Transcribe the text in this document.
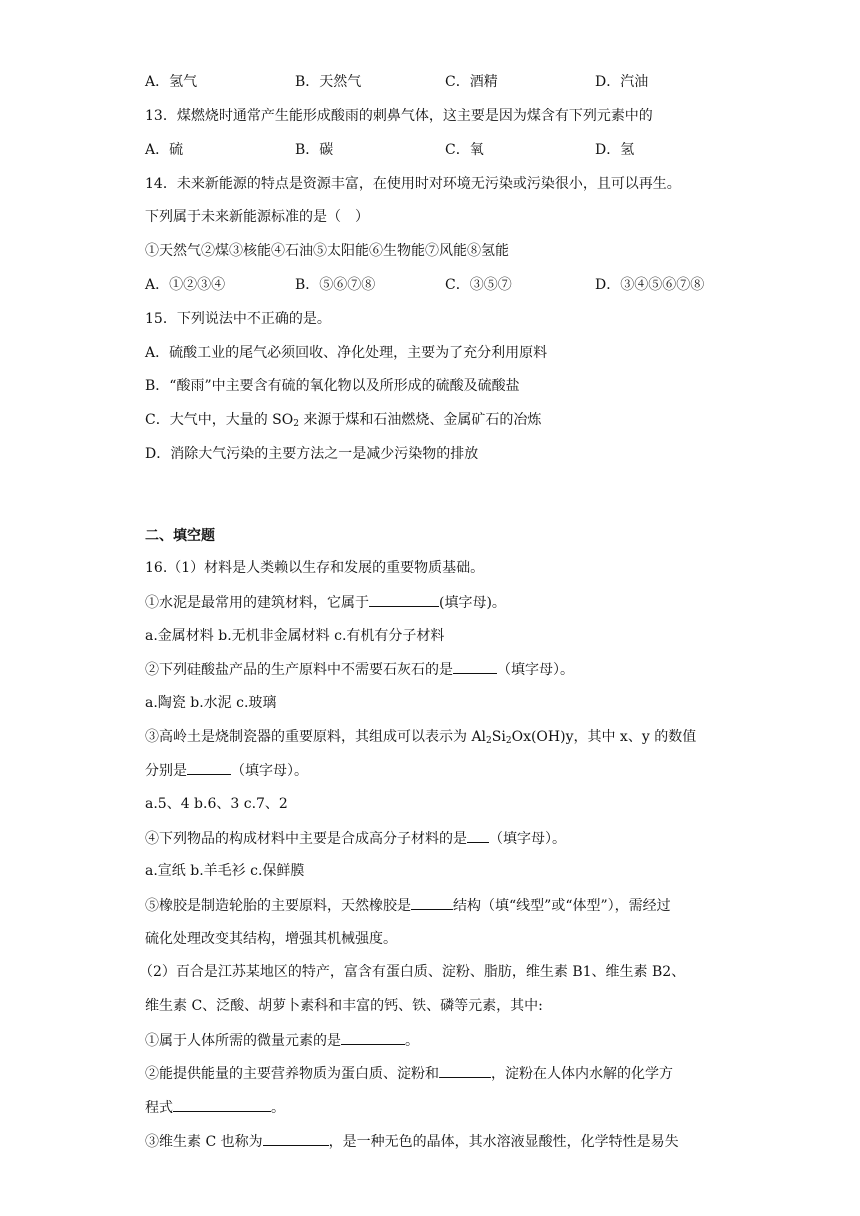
A．氢气	B．天然气	C．酒精	D．汽油
13．煤燃烧时通常产生能形成酸雨的刺鼻气体，这主要是因为煤含有下列元素中的
A．硫	B．碳	C．氧	D．氢
14．未来新能源的特点是资源丰富，在使用时对环境无污染或污染很小，且可以再生。
下列属于未来新能源标准的是（　）
①天然气②煤③核能④石油⑤太阳能⑥生物能⑦风能⑧氢能
A．①②③④	B．⑤⑥⑦⑧	C．③⑤⑦	D．③④⑤⑥⑦⑧
15．下列说法中不正确的是。
A．硫酸工业的尾气必须回收、净化处理，主要为了充分利用原料
B．“酸雨”中主要含有硫的氧化物以及所形成的硫酸及硫酸盐
C．大气中，大量的 $SO_2$ 来源于煤和石油燃烧、金属矿石的冶炼
D．消除大气污染的主要方法之一是减少污染物的排放
二、填空题
16.（1）材料是人类赖以生存和发展的重要物质基础。
①水泥是最常用的建筑材料，它属于	(填字母)。
a.金属材料 b.无机非金属材料 c.有机有分子材料
②下列硅酸盐产品的生产原料中不需要石灰石的是	（填字母）。
a.陶瓷 b.水泥 c.玻璃
③高岭土是烧制瓷器的重要原料，其组成可以表示为 $Al_2Si_2Ox(OH)y$，其中 x、y 的数值
分别是	（填字母）。
a.5、4 b.6、3 c.7、2
④下列物品的构成材料中主要是合成高分子材料的是 （填字母）。
a.宣纸 b.羊毛衫 c.保鲜膜
⑤橡胶是制造轮胎的主要原料，天然橡胶是	结构（填“线型”或“体型”），需经过
硫化处理改变其结构，增强其机械强度。
（2）百合是江苏某地区的特产，富含有蛋白质、淀粉、脂肪，维生素 B1、维生素 B2、
维生素 C、泛酸、胡萝卜素科和丰富的钙、铁、磷等元素，其中:
①属于人体所需的微量元素的是	。
②能提供能量的主要营养物质为蛋白质、淀粉和	，淀粉在人体内水解的化学方
程式	。
③维生素 C 也称为	，是一种无色的晶体，其水溶液显酸性，化学特性是易失
